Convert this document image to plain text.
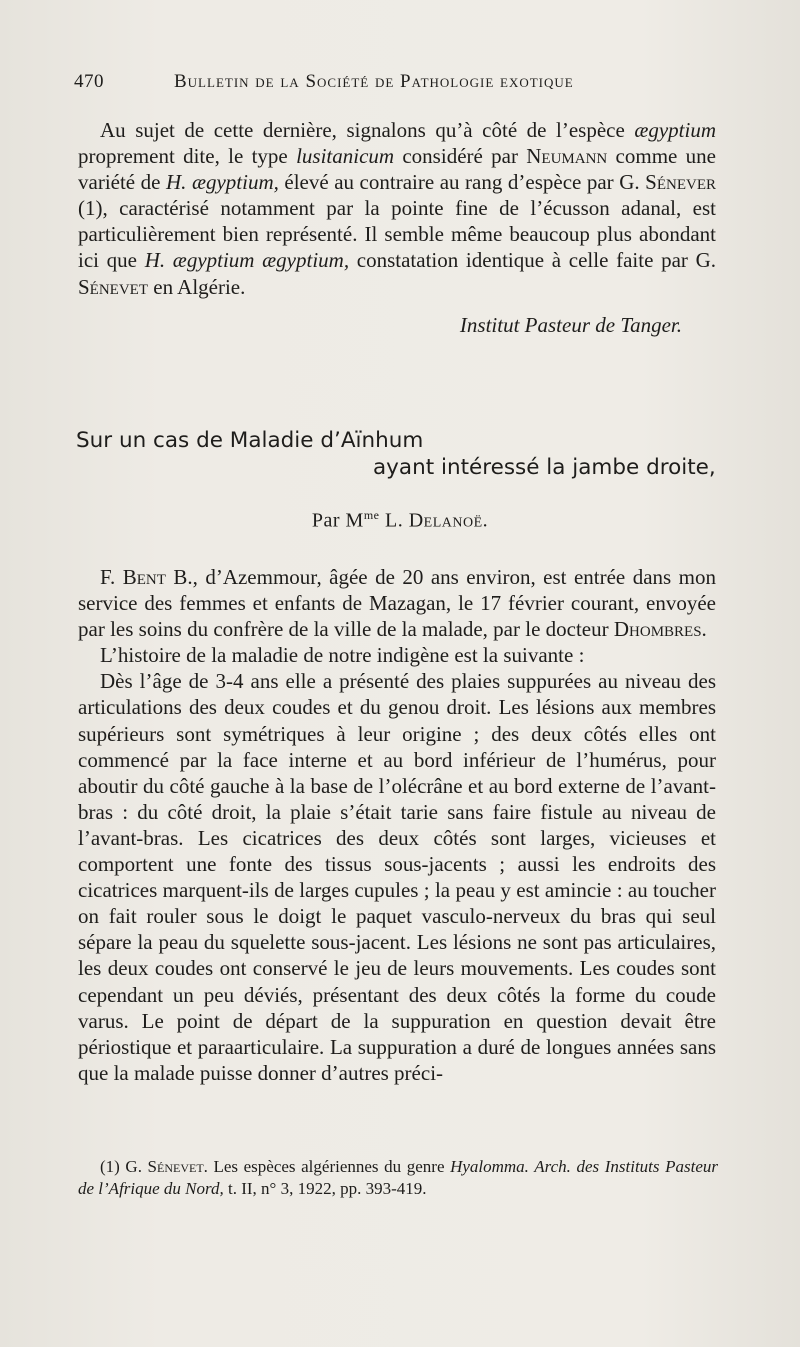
470	Bulletin de la Société de Pathologie exotique

Au sujet de cette dernière, signalons qu’à côté de l’espèce ægyptium proprement dite, le type lusitanicum considéré par Neumann comme une variété de H. ægyptium, élevé au contraire au rang d’espèce par G. Sénever (1), caractérisé notamment par la pointe fine de l’écusson adanal, est particulièrement bien représenté. Il semble même beaucoup plus abondant ici que H. ægyptium ægyptium, constatation identique à celle faite par G. Sénevet en Algérie.

Institut Pasteur de Tanger.
Sur un cas de Maladie d’Aïnhum
ayant intéressé la jambe droite,
Par $M^{me}$ L. Delanoë.

F. Bent B., d’Azemmour, âgée de 20 ans environ, est entrée dans mon service des femmes et enfants de Mazagan, le 17 février courant, envoyée par les soins du confrère de la ville de la malade, par le docteur Dhombres.

L’histoire de la maladie de notre indigène est la suivante :

Dès l’âge de 3-4 ans elle a présenté des plaies suppurées au niveau des articulations des deux coudes et du genou droit. Les lésions aux membres supérieurs sont symétriques à leur origine ; des deux côtés elles ont commencé par la face interne et au bord inférieur de l’humérus, pour aboutir du côté gauche à la base de l’olécrâne et au bord externe de l’avant-bras : du côté droit, la plaie s’était tarie sans faire fistule au niveau de l’avant-bras. Les cicatrices des deux côtés sont larges, vicieuses et comportent une fonte des tissus sous-jacents ; aussi les endroits des cicatrices marquent-ils de larges cupules ; la peau y est amincie : au toucher on fait rouler sous le doigt le paquet vasculo-nerveux du bras qui seul sépare la peau du squelette sous-jacent. Les lésions ne sont pas articulaires, les deux coudes ont conservé le jeu de leurs mouvements. Les coudes sont cependant un peu déviés, présentant des deux côtés la forme du coude varus. Le point de départ de la suppuration en question devait être périostique et paraarticulaire. La suppuration a duré de longues années sans que la malade puisse donner d’autres préci-

(1) G. Sénevet. Les espèces algériennes du genre Hyalomma. Arch. des Instituts Pasteur de l’Afrique du Nord, t. II, n° 3, 1922, pp. 393-419.
